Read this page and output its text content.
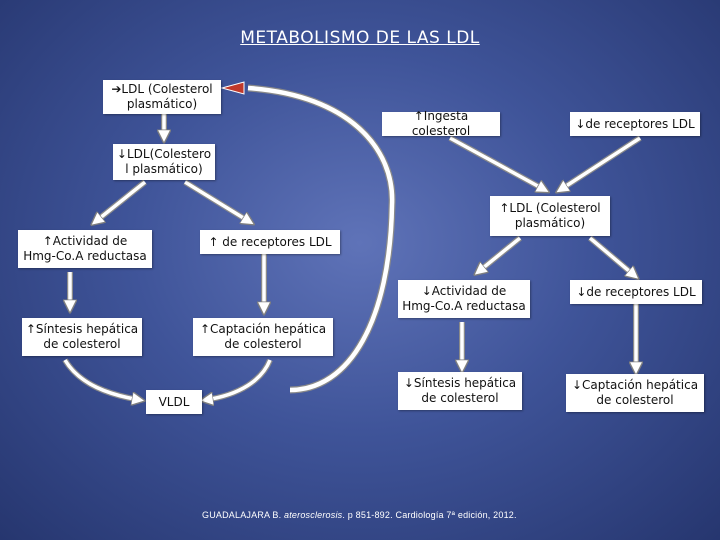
METABOLISMO DE LAS LDL
➔LDL (Colesterol
plasmático)
↑Ingesta colesterol
↓de receptores LDL
↓LDL(Colestero
l plasmático)
↑LDL (Colesterol
plasmático)
↑Actividad de
Hmg-Co.A reductasa
↑ de receptores LDL
↓Actividad de
Hmg-Co.A reductasa
↓de receptores LDL
↑Síntesis hepática
de colesterol
↑Captación hepática
de colesterol
↓Síntesis hepática
de colesterol
↓Captación hepática
de colesterol
VLDL
GUADALAJARA B. aterosclerosis. p 851-892. Cardiología 7ª edición, 2012.
